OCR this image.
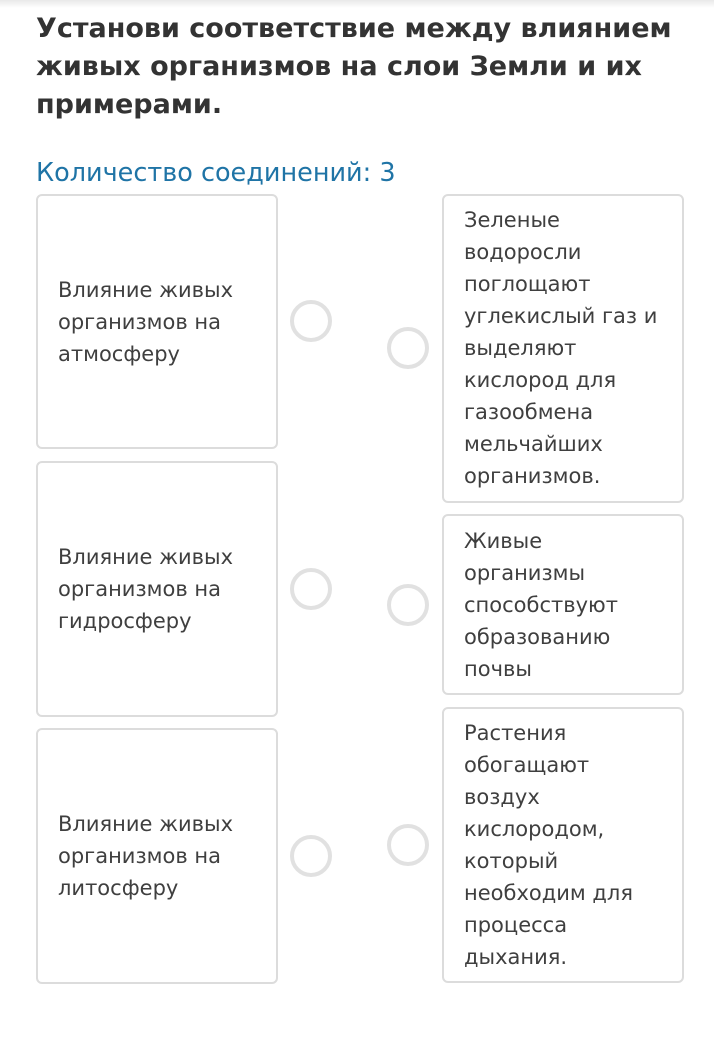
Установи соответствие между влиянием живых организмов на слои Земли и их примерами.
Количество соединений: 3
Влияние живых организмов на атмосферу
Влияние живых организмов на гидросферу
Влияние живых организмов на литосферу
Зеленые водоросли поглощают углекислый газ и выделяют кислород для газообмена мельчайших организмов.
Живые организмы способствуют образованию почвы
Растения обогащают воздух кислородом, который необходим для процесса дыхания.
